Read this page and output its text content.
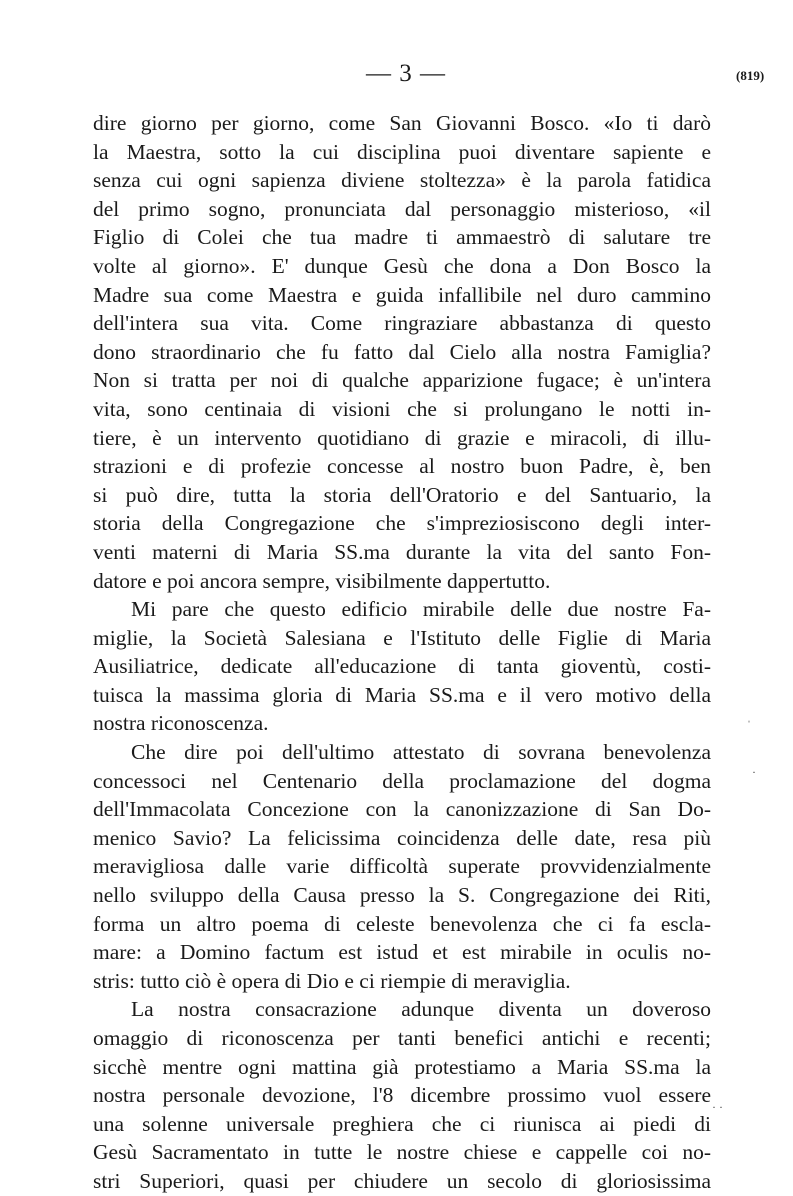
— 3 —	(819)
dire giorno per giorno, come San Giovanni Bosco. «Io ti darò
la Maestra, sotto la cui disciplina puoi diventare sapiente e
senza cui ogni sapienza diviene stoltezza» è la parola fatidica
del primo sogno, pronunciata dal personaggio misterioso, «il
Figlio di Colei che tua madre ti ammaestrò di salutare tre
volte al giorno». E' dunque Gesù che dona a Don Bosco la
Madre sua come Maestra e guida infallibile nel duro cammino
dell'intera sua vita. Come ringraziare abbastanza di questo
dono straordinario che fu fatto dal Cielo alla nostra Famiglia?
Non si tratta per noi di qualche apparizione fugace; è un'intera
vita, sono centinaia di visioni che si prolungano le notti in-
tiere, è un intervento quotidiano di grazie e miracoli, di illu-
strazioni e di profezie concesse al nostro buon Padre, è, ben
si può dire, tutta la storia dell'Oratorio e del Santuario, la
storia della Congregazione che s'impreziosiscono degli inter-
venti materni di Maria SS.ma durante la vita del santo Fon-
datore e poi ancora sempre, visibilmente dappertutto.
Mi pare che questo edificio mirabile delle due nostre Fa-
miglie, la Società Salesiana e l'Istituto delle Figlie di Maria
Ausiliatrice, dedicate all'educazione di tanta gioventù, costi-
tuisca la massima gloria di Maria SS.ma e il vero motivo della
nostra riconoscenza.
Che dire poi dell'ultimo attestato di sovrana benevolenza
concessoci nel Centenario della proclamazione del dogma
dell'Immacolata Concezione con la canonizzazione di San Do-
menico Savio? La felicissima coincidenza delle date, resa più
meravigliosa dalle varie difficoltà superate provvidenzialmente
nello sviluppo della Causa presso la S. Congregazione dei Riti,
forma un altro poema di celeste benevolenza che ci fa escla-
mare: a Domino factum est istud et est mirabile in oculis no-
stris: tutto ciò è opera di Dio e ci riempie di meraviglia.
La nostra consacrazione adunque diventa un doveroso
omaggio di riconoscenza per tanti benefici antichi e recenti;
sicchè mentre ogni mattina già protestiamo a Maria SS.ma la
nostra personale devozione, l'8 dicembre prossimo vuol essere
una solenne universale preghiera che ci riunisca ai piedi di
Gesù Sacramentato in tutte le nostre chiese e cappelle coi no-
stri Superiori, quasi per chiudere un secolo di gloriosissima
ˈ
·
· ·
